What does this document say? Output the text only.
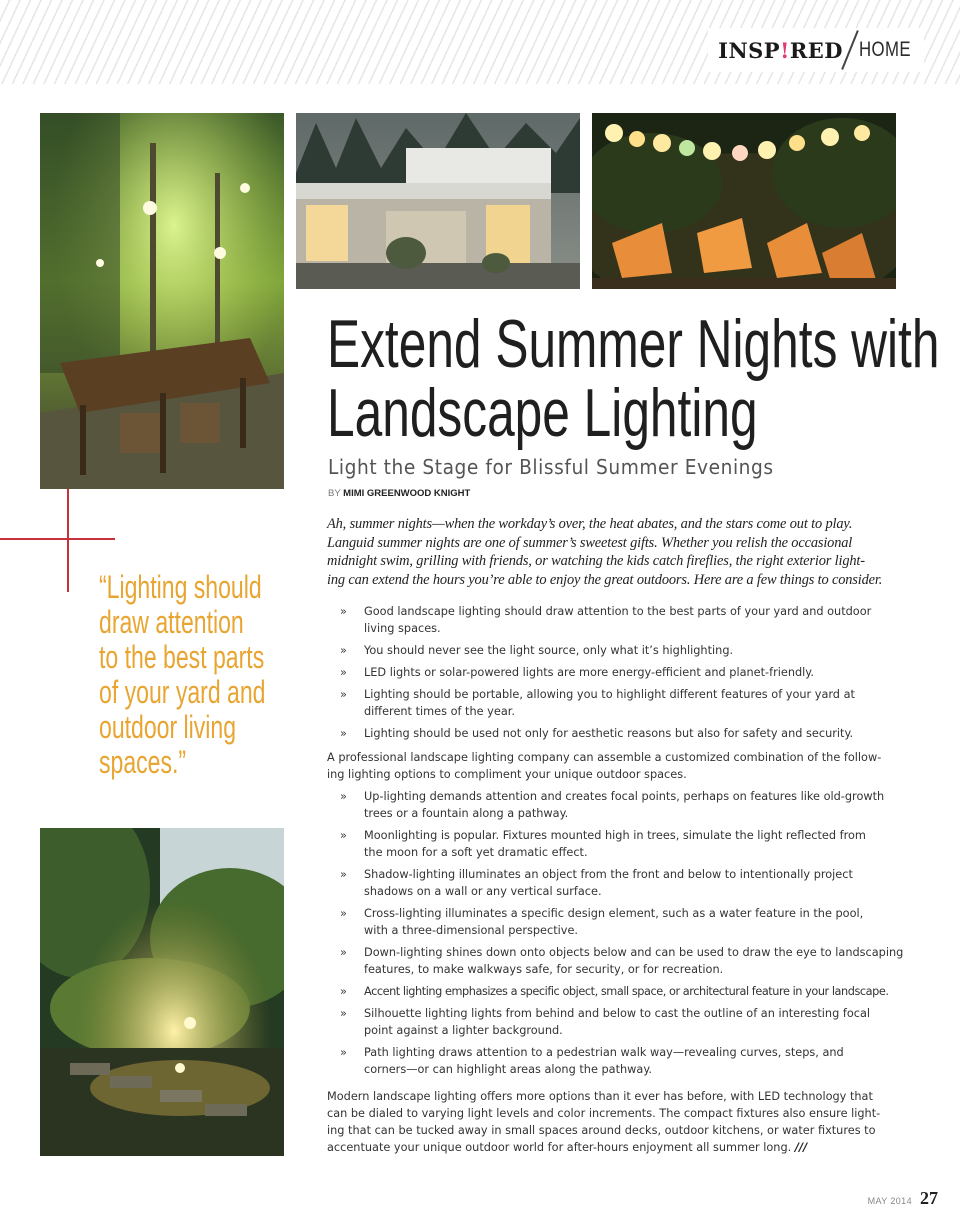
INSP!RED HOME
“Lighting should
draw attention
to the best parts
of your yard and
outdoor living
spaces.”
Extend Summer Nights with
Landscape Lighting
Light the Stage for Blissful Summer Evenings
BY MIMI GREENWOOD KNIGHT
Ah, summer nights—when the workday’s over, the heat abates, and the stars come out to play.
Languid summer nights are one of summer’s sweetest gifts. Whether you relish the occasional
midnight swim, grilling with friends, or watching the kids catch fireflies, the right exterior light-
ing can extend the hours you’re able to enjoy the great outdoors. Here are a few things to consider.
» Good landscape lighting should draw attention to the best parts of your yard and outdoor
living spaces.
» You should never see the light source, only what it’s highlighting.
» LED lights or solar-powered lights are more energy-efficient and planet-friendly.
» Lighting should be portable, allowing you to highlight different features of your yard at
different times of the year.
» Lighting should be used not only for aesthetic reasons but also for safety and security.
A professional landscape lighting company can assemble a customized combination of the follow-
ing lighting options to compliment your unique outdoor spaces.
» Up-lighting demands attention and creates focal points, perhaps on features like old-growth
trees or a fountain along a pathway.
» Moonlighting is popular. Fixtures mounted high in trees, simulate the light reflected from
the moon for a soft yet dramatic effect.
» Shadow-lighting illuminates an object from the front and below to intentionally project
shadows on a wall or any vertical surface.
» Cross-lighting illuminates a specific design element, such as a water feature in the pool,
with a three-dimensional perspective.
» Down-lighting shines down onto objects below and can be used to draw the eye to landscaping
features, to make walkways safe, for security, or for recreation.
» Accent lighting emphasizes a specific object, small space, or architectural feature in your landscape.
» Silhouette lighting lights from behind and below to cast the outline of an interesting focal
point against a lighter background.
» Path lighting draws attention to a pedestrian walk way—revealing curves, steps, and
corners—or can highlight areas along the pathway.
Modern landscape lighting offers more options than it ever has before, with LED technology that
can be dialed to varying light levels and color increments. The compact fixtures also ensure light-
ing that can be tucked away in small spaces around decks, outdoor kitchens, or water fixtures to
accentuate your unique outdoor world for after-hours enjoyment all summer long. ///
MAY 2014 27
